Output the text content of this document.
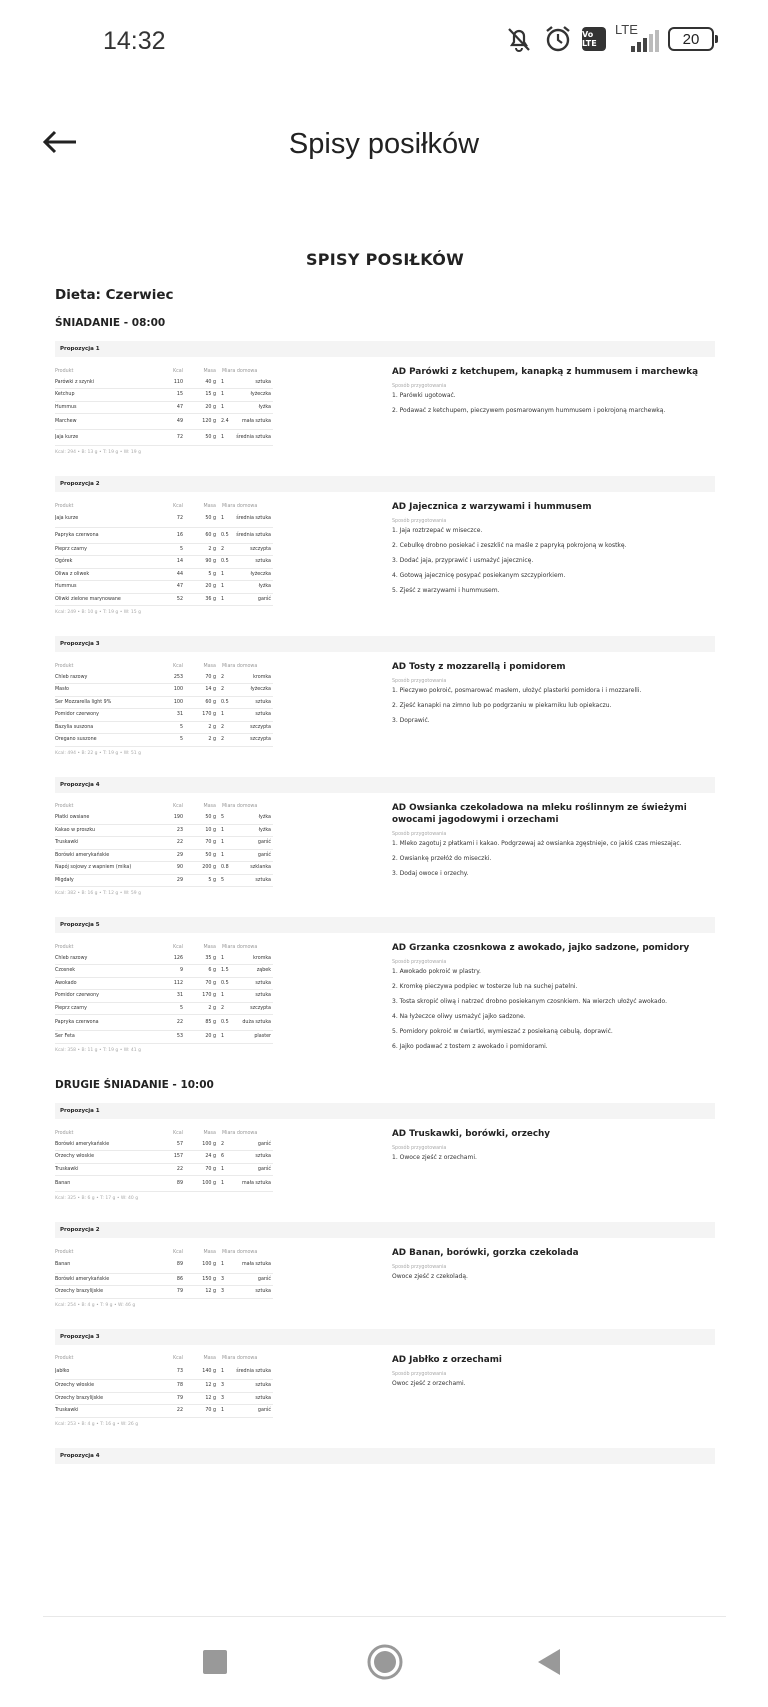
14:32	Vo LTE
LTE
20
Spisy posiłków
SPISY POSIŁKÓW
Dieta: Czerwiec
ŚNIADANIE - 08:00
Propozycja 1
Produkt	Kcal	Masa	Miara domowa	
Parówki z szynki	110	40 g	1	sztuka
Ketchup	15	15 g	1	łyżeczka
Hummus	47	20 g	1	łyżka
Marchew	49	120 g	2.4	mała sztuka
Jaja kurze	72	50 g	1	średnia sztuka
Kcal: 294 • B: 13 g • T: 19 g • W: 19 g
AD Parówki z ketchupem, kanapką z hummusem i marchewką
Sposób przygotowania
1. Parówki ugotować.
2. Podawać z ketchupem, pieczywem posmarowanym hummusem i pokrojoną marchewką.
Propozycja 2
Produkt	Kcal	Masa	Miara domowa	
Jaja kurze	72	50 g	1	średnia sztuka
Papryka czerwona	16	60 g	0.5	średnia sztuka
Pieprz czarny	5	2 g	2	szczypta
Ogórek	14	90 g	0.5	sztuka
Oliwa z oliwek	44	5 g	1	łyżeczka
Hummus	47	20 g	1	łyżka
Oliwki zielone marynowane	52	36 g	1	garść
Kcal: 249 • B: 10 g • T: 19 g • W: 15 g
AD Jajecznica z warzywami i hummusem
Sposób przygotowania
1. Jaja roztrzepać w miseczce.
2. Cebulkę drobno posiekać i zeszklić na maśle z papryką pokrojoną w kostkę.
3. Dodać jaja, przyprawić i usmażyć jajecznicę.
4. Gotową jajecznicę posypać posiekanym szczypiorkiem.
5. Zjeść z warzywami i hummusem.
Propozycja 3
Produkt	Kcal	Masa	Miara domowa	
Chleb razowy	253	70 g	2	kromka
Masło	100	14 g	2	łyżeczka
Ser Mozzarella light 9%	100	60 g	0.5	sztuka
Pomidor czerwony	31	170 g	1	sztuka
Bazylia suszona	5	2 g	2	szczypta
Oregano suszone	5	2 g	2	szczypta
Kcal: 494 • B: 22 g • T: 19 g • W: 51 g
AD Tosty z mozzarellą i pomidorem
Sposób przygotowania
1. Pieczywo pokroić, posmarować masłem, ułożyć plasterki pomidora i i mozzarelli.
2. Zjeść kanapki na zimno lub po podgrzaniu w piekarniku lub opiekaczu.
3. Doprawić.
Propozycja 4
Produkt	Kcal	Masa	Miara domowa	
Płatki owsiane	190	50 g	5	łyżka
Kakao w proszku	23	10 g	1	łyżka
Truskawki	22	70 g	1	garść
Borówki amerykańskie	29	50 g	1	garść
Napój sojowy z wapniem (mika)	90	200 g	0.8	szklanka
Migdały	29	5 g	5	sztuka
Kcal: 382 • B: 16 g • T: 12 g • W: 59 g
AD Owsianka czekoladowa na mleku roślinnym ze świeżymi owocami jagodowymi i orzechami
Sposób przygotowania
1. Mleko zagotuj z płatkami i kakao. Podgrzewaj aż owsianka zgęstnieje, co jakiś czas mieszając.
2. Owsiankę przełóż do miseczki.
3. Dodaj owoce i orzechy.
Propozycja 5
Produkt	Kcal	Masa	Miara domowa	
Chleb razowy	126	35 g	1	kromka
Czosnek	9	6 g	1.5	ząbek
Awokado	112	70 g	0.5	sztuka
Pomidor czerwony	31	170 g	1	sztuka
Pieprz czarny	5	2 g	2	szczypta
Papryka czerwona	22	85 g	0.5	duża sztuka
Ser Feta	53	20 g	1	plaster
Kcal: 358 • B: 11 g • T: 19 g • W: 41 g
AD Grzanka czosnkowa z awokado, jajko sadzone, pomidory
Sposób przygotowania
1. Awokado pokroić w plastry.
2. Kromkę pieczywa podpiec w tosterze lub na suchej patelni.
3. Tosta skropić oliwą i natrzeć drobno posiekanym czosnkiem. Na wierzch ułożyć awokado.
4. Na łyżeczce oliwy usmażyć jajko sadzone.
5. Pomidory pokroić w ćwiartki, wymieszać z posiekaną cebulą, doprawić.
6. Jajko podawać z tostem z awokado i pomidorami.
DRUGIE ŚNIADANIE - 10:00
Propozycja 1
Produkt	Kcal	Masa	Miara domowa	
Borówki amerykańskie	57	100 g	2	garść
Orzechy włoskie	157	24 g	6	sztuka
Truskawki	22	70 g	1	garść
Banan	89	100 g	1	mała sztuka
Kcal: 325 • B: 6 g • T: 17 g • W: 40 g
AD Truskawki, borówki, orzechy
Sposób przygotowania
1. Owoce zjeść z orzechami.
Propozycja 2
Produkt	Kcal	Masa	Miara domowa	
Banan	89	100 g	1	mała sztuka
Borówki amerykańskie	86	150 g	3	garść
Orzechy brazylijskie	79	12 g	3	sztuka
Kcal: 254 • B: 4 g • T: 9 g • W: 46 g
AD Banan, borówki, gorzka czekolada
Sposób przygotowania
Owoce zjeść z czekoladą.
Propozycja 3
Produkt	Kcal	Masa	Miara domowa	
Jabłko	73	140 g	1	średnia sztuka
Orzechy włoskie	78	12 g	3	sztuka
Orzechy brazylijskie	79	12 g	3	sztuka
Truskawki	22	70 g	1	garść
Kcal: 253 • B: 4 g • T: 16 g • W: 26 g
AD Jabłko z orzechami
Sposób przygotowania
Owoc zjeść z orzechami.
Propozycja 4
